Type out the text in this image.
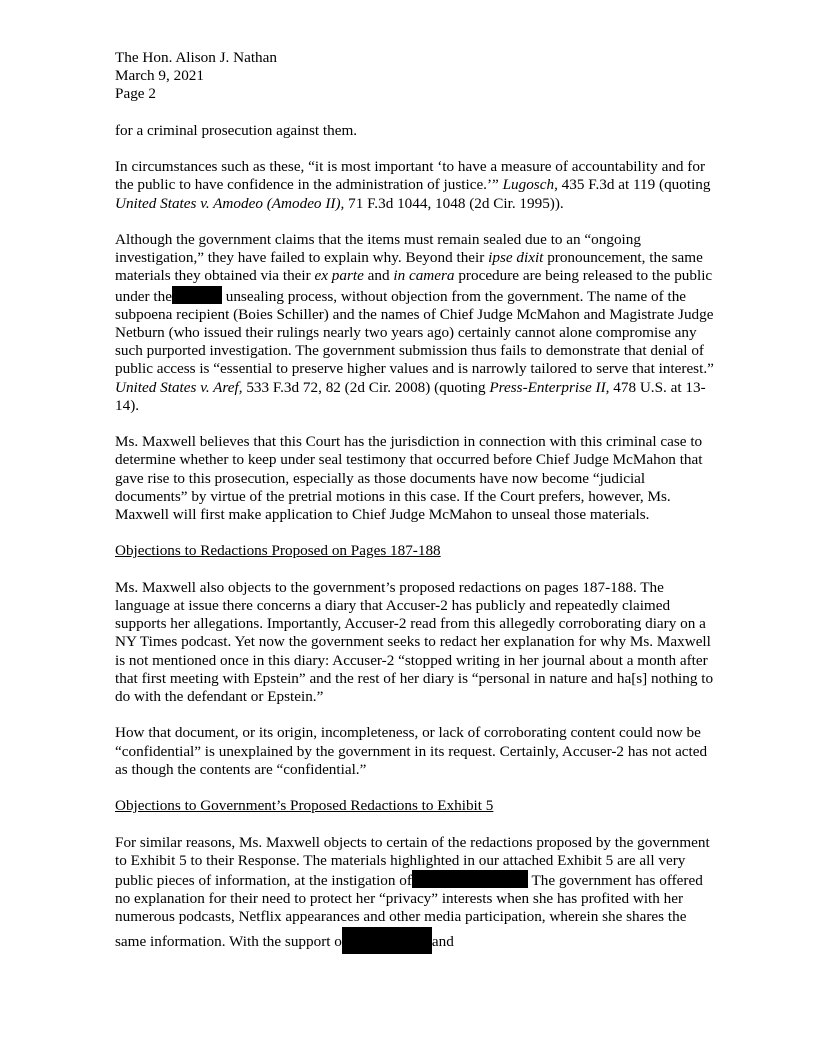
The Hon. Alison J. Nathan
March 9, 2021
Page 2

for a criminal prosecution against them.

In circumstances such as these, “it is most important ‘to have a measure of accountability and for the public to have confidence in the administration of justice.’” Lugosch, 435 F.3d at 119 (quoting United States v. Amodeo (Amodeo II), 71 F.3d 1044, 1048 (2d Cir. 1995)).

Although the government claims that the items must remain sealed due to an “ongoing investigation,” they have failed to explain why. Beyond their ipse dixit pronouncement, the same materials they obtained via their ex parte and in camera procedure are being released to the public under the	unsealing process, without objection from the government. The name of the subpoena recipient (Boies Schiller) and the names of Chief Judge McMahon and Magistrate Judge Netburn (who issued their rulings nearly two years ago) certainly cannot alone compromise any such purported investigation. The government submission thus fails to demonstrate that denial of public access is “essential to preserve higher values and is narrowly tailored to serve that interest.” United States v. Aref, 533 F.3d 72, 82 (2d Cir. 2008) (quoting Press-Enterprise II, 478 U.S. at 13-14).

Ms. Maxwell believes that this Court has the jurisdiction in connection with this criminal case to determine whether to keep under seal testimony that occurred before Chief Judge McMahon that gave rise to this prosecution, especially as those documents have now become “judicial documents” by virtue of the pretrial motions in this case. If the Court prefers, however, Ms. Maxwell will first make application to Chief Judge McMahon to unseal those materials.

Objections to Redactions Proposed on Pages 187-188

Ms. Maxwell also objects to the government’s proposed redactions on pages 187-188. The language at issue there concerns a diary that Accuser-2 has publicly and repeatedly claimed supports her allegations. Importantly, Accuser-2 read from this allegedly corroborating diary on a NY Times podcast. Yet now the government seeks to redact her explanation for why Ms. Maxwell is not mentioned once in this diary: Accuser-2 “stopped writing in her journal about a month after that first meeting with Epstein” and the rest of her diary is “personal in nature and ha[s] nothing to do with the defendant or Epstein.”

How that document, or its origin, incompleteness, or lack of corroborating content could now be “confidential” is unexplained by the government in its request. Certainly, Accuser-2 has not acted as though the contents are “confidential.”

Objections to Government’s Proposed Redactions to Exhibit 5

For similar reasons, Ms. Maxwell objects to certain of the redactions proposed by the government to Exhibit 5 to their Response. The materials highlighted in our attached Exhibit 5 are all very public pieces of information, at the instigation of	The government has offered no explanation for their need to protect her “privacy” interests when she has profited with her numerous podcasts, Netflix appearances and other media participation, wherein she shares the same information. With the support o	and
